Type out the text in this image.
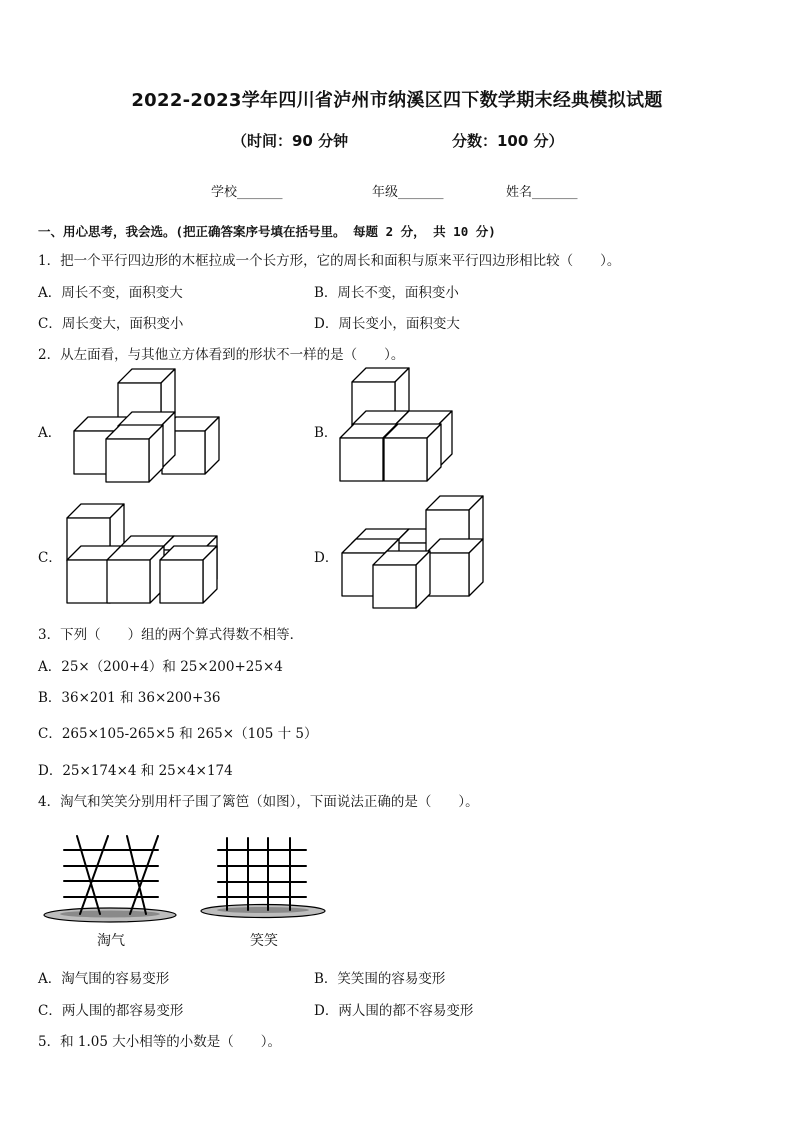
2022-2023学年四川省泸州市纳溪区四下数学期末经典模拟试题
（时间：90 分钟	分数：100 分）
学校_______	年级_______	姓名_______
一、用心思考，我会选。(把正确答案序号填在括号里。 每题 2 分， 共 10 分)
1．把一个平行四边形的木框拉成一个长方形，它的周长和面积与原来平行四边形相比较（　　）。
A．周长不变，面积变大	B．周长不变，面积变小
C．周长变大，面积变小	D．周长变小，面积变大
2．从左面看，与其他立方体看到的形状不一样的是（　　）。
A．	B．
C．	D．
3．下列（　　）组的两个算式得数不相等．
A．25×（200+4）和 25×200+25×4
B．36×201 和 36×200+36
C．265×105-265×5 和 265×（105 十 5）
D．25×174×4 和 25×4×174
4．淘气和笑笑分别用杆子围了篱笆（如图），下面说法正确的是（　　）。
淘气	笑笑
A．淘气围的容易变形	B．笑笑围的容易变形
C．两人围的都容易变形	D．两人围的都不容易变形
5．和 1.05 大小相等的小数是（　　）。
